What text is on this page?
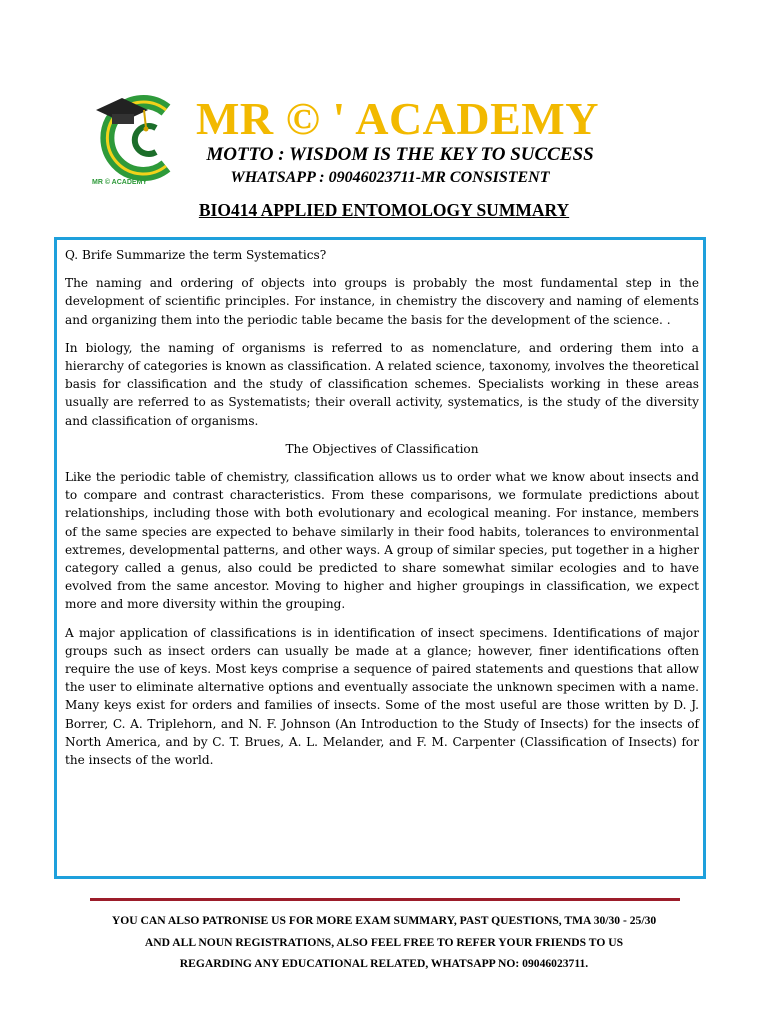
MR © ACADEMY
MR © ' ACADEMY
MOTTO : WISDOM IS THE KEY TO SUCCESS
WHATSAPP : 09046023711-MR CONSISTENT
BIO414 APPLIED ENTOMOLOGY SUMMARY

Q. Brife Summarize the term Systematics?

The naming and ordering of objects into groups is probably the most fundamental step in the development of scientific principles. For instance, in chemistry the discovery and naming of elements and organizing them into the periodic table became the basis for the development of the science. .

In biology, the naming of organisms is referred to as nomenclature, and ordering them into a hierarchy of categories is known as classification. A related science, taxonomy, involves the theoretical basis for classification and the study of classification schemes. Specialists working in these areas usually are referred to as Systematists; their overall activity, systematics, is the study of the diversity and classification of organisms.

The Objectives of Classification

Like the periodic table of chemistry, classification allows us to order what we know about insects and to compare and contrast characteristics. From these comparisons, we formulate predictions about relationships, including those with both evolutionary and ecological meaning. For instance, members of the same species are expected to behave similarly in their food habits, tolerances to environmental extremes, developmental patterns, and other ways. A group of similar species, put together in a higher category called a genus, also could be predicted to share somewhat similar ecologies and to have evolved from the same ancestor. Moving to higher and higher groupings in classification, we expect more and more diversity within the grouping.

A major application of classifications is in identification of insect specimens. Identifications of major groups such as insect orders can usually be made at a glance; however, finer identifications often require the use of keys. Most keys comprise a sequence of paired statements and questions that allow the user to eliminate alternative options and eventually associate the unknown specimen with a name. Many keys exist for orders and families of insects. Some of the most useful are those written by D. J. Borrer, C. A. Triplehorn, and N. F. Johnson (An Introduction to the Study of Insects) for the insects of North America, and by C. T. Brues, A. L. Melander, and F. M. Carpenter (Classification of Insects) for the insects of the world.

YOU CAN ALSO PATRONISE US FOR MORE EXAM SUMMARY, PAST QUESTIONS, TMA 30/30 - 25/30
AND ALL NOUN REGISTRATIONS, ALSO FEEL FREE TO REFER YOUR FRIENDS TO US
REGARDING ANY EDUCATIONAL RELATED, WHATSAPP NO: 09046023711.
